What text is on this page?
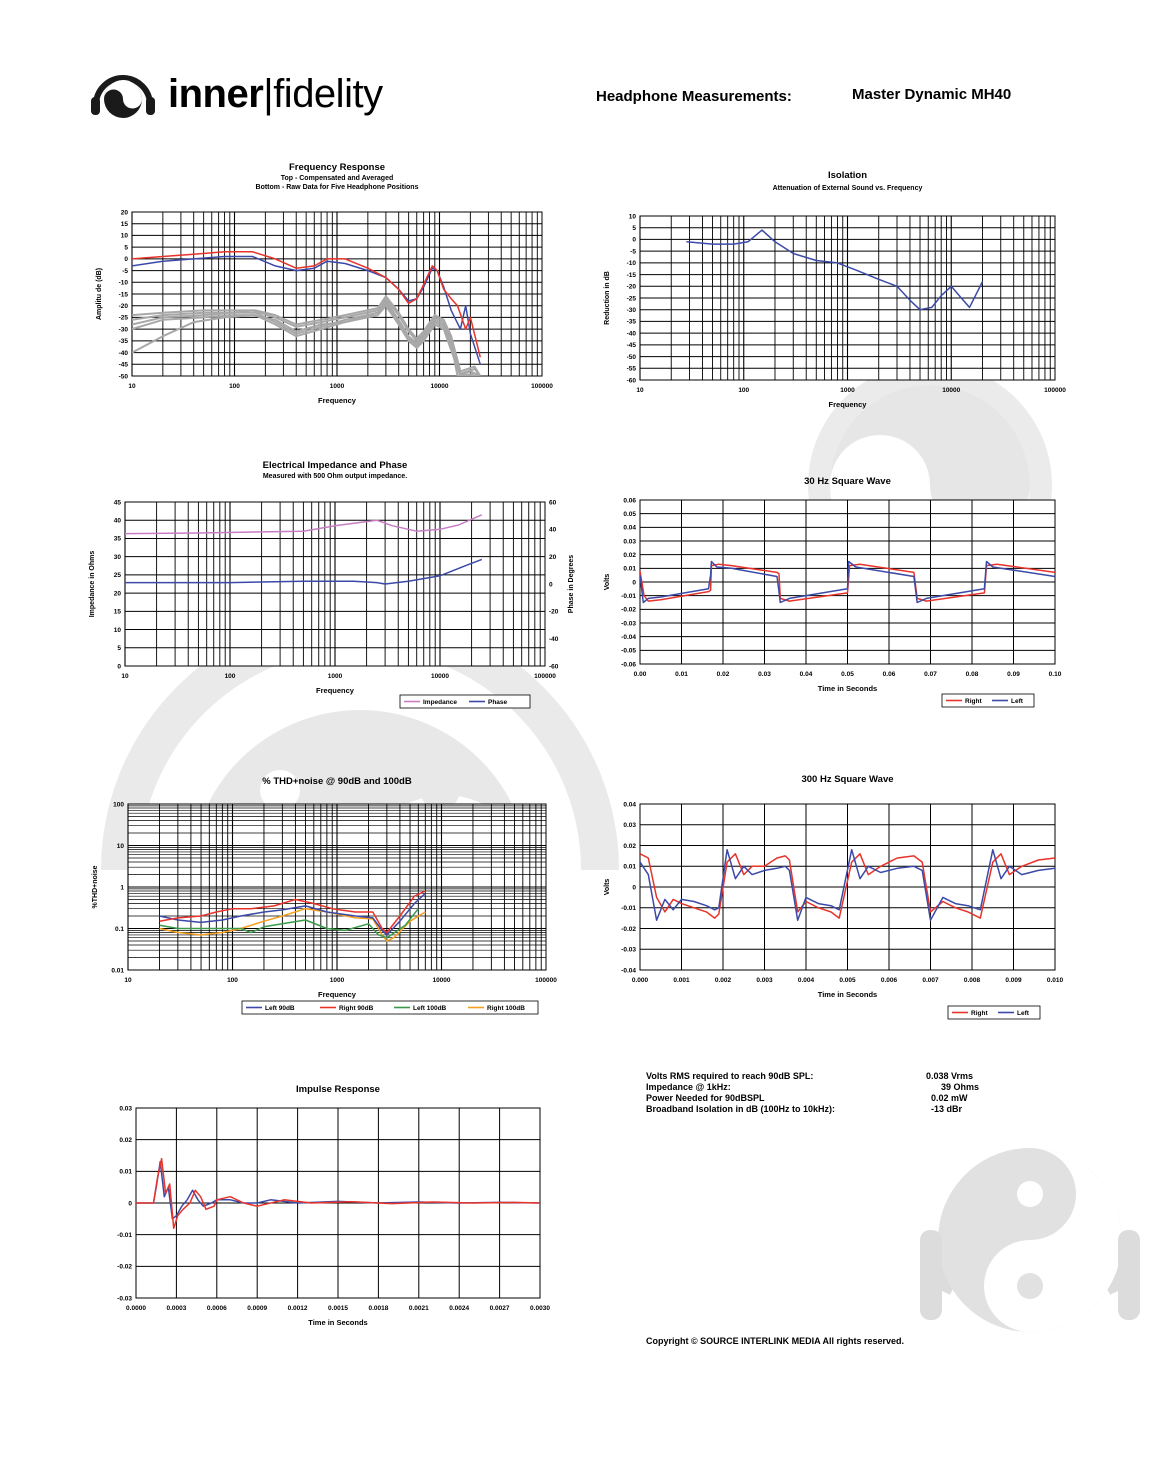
inner|fidelity	Headphone Measurements:	Master Dynamic MH40
Frequency Response
Top - Compensated and Averaged
Bottom - Raw Data for Five Headphone Positions
10	100	1000	10000	100000
20
15
10
5
0
-5
-10
-15
-20
-25
-30
-35
-40
-45
-50
Frequency
Amplitu de (dB)
Isolation
Attenuation of External Sound vs. Frequency
10	100	1000	10000	100000
10
5
0
-5
-10
-15
-20
-25
-30
-35
-40
-45
-50
-55
-60
Frequency
Reduction in dB
Electrical Impedance and Phase
Measured with 500 Ohm output impedance.
10	100	1000	10000	100000
45
40
35
30
25
20
15
10
5
0
60
40
20
0
-20
-40
-60
Frequency
Impedance in Ohms	Phase in Degrees
Impedance	Phase
30 Hz Square Wave
0.00	0.01	0.02	0.03	0.04	0.05	0.06	0.07	0.08	0.09	0.10
0.06
0.05
0.04
0.03
0.02
0.01
0
-0.01
-0.02
-0.03
-0.04
-0.05
-0.06
Time in Seconds
Volts
Right	Left
% THD+noise @ 90dB and 100dB
10	100	1000	10000	100000
100
10
1
0.1
0.01
Frequency
%THD+noise
Left 90dB	Right 90dB	Left 100dB	Right 100dB
300 Hz Square Wave
0.000	0.001	0.002	0.003	0.004	0.005	0.006	0.007	0.008	0.009	0.010
0.04
0.03
0.02
0.01
0
-0.01
-0.02
-0.03
-0.04
Time in Seconds
Volts
Right	Left
Impulse Response
0.0000	0.0003	0.0006	0.0009	0.0012	0.0015	0.0018	0.0021	0.0024	0.0027	0.0030
0.03
0.02
0.01
0
-0.01
-0.02
-0.03
Time in Seconds
Volts RMS required to reach 90dB SPL:	0.038 Vrms
Impedance @ 1kHz:	39 Ohms
Power Needed for 90dBSPL	0.02 mW
Broadband Isolation in dB (100Hz to 10kHz):	-13 dBr
Copyright © SOURCE INTERLINK MEDIA All rights reserved.
